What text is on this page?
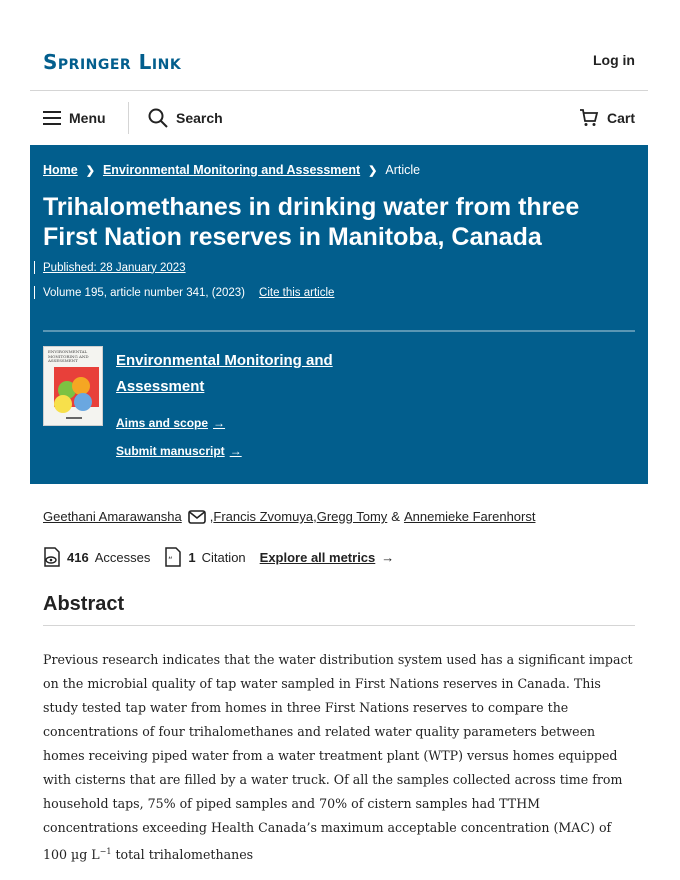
Springer Link	Log in
Menu	Search	Cart
Home ❯ Environmental Monitoring and Assessment ❯ Article
Trihalomethanes in drinking water from three First Nation reserves in Manitoba, Canada
Published: 28 January 2023
Volume 195, article number 341, (2023) Cite this article
ENVIRONMENTAL MONITORING AND ASSESSMENT	Environmental Monitoring and Assessment
Aims and scope →
Submit manuscript →
Geethani Amarawansha , Francis Zvomuya , Gregg Tomy & Annemieke Farenhorst
416 Accesses “ 1 Citation Explore all metrics →
Abstract

Previous research indicates that the water distribution system used has a significant impact on the microbial quality of tap water sampled in First Nations reserves in Canada. This study tested tap water from homes in three First Nations reserves to compare the concentrations of four trihalomethanes and related water quality parameters between homes receiving piped water from a water treatment plant (WTP) versus homes equipped with cisterns that are filled by a water truck. Of all the samples collected across time from household taps, 75% of piped samples and 70% of cistern samples had TTHM concentrations exceeding Health Canada’s maximum acceptable concentration (MAC) of 100 µg $L^{-1}$ total trihalomethanes
